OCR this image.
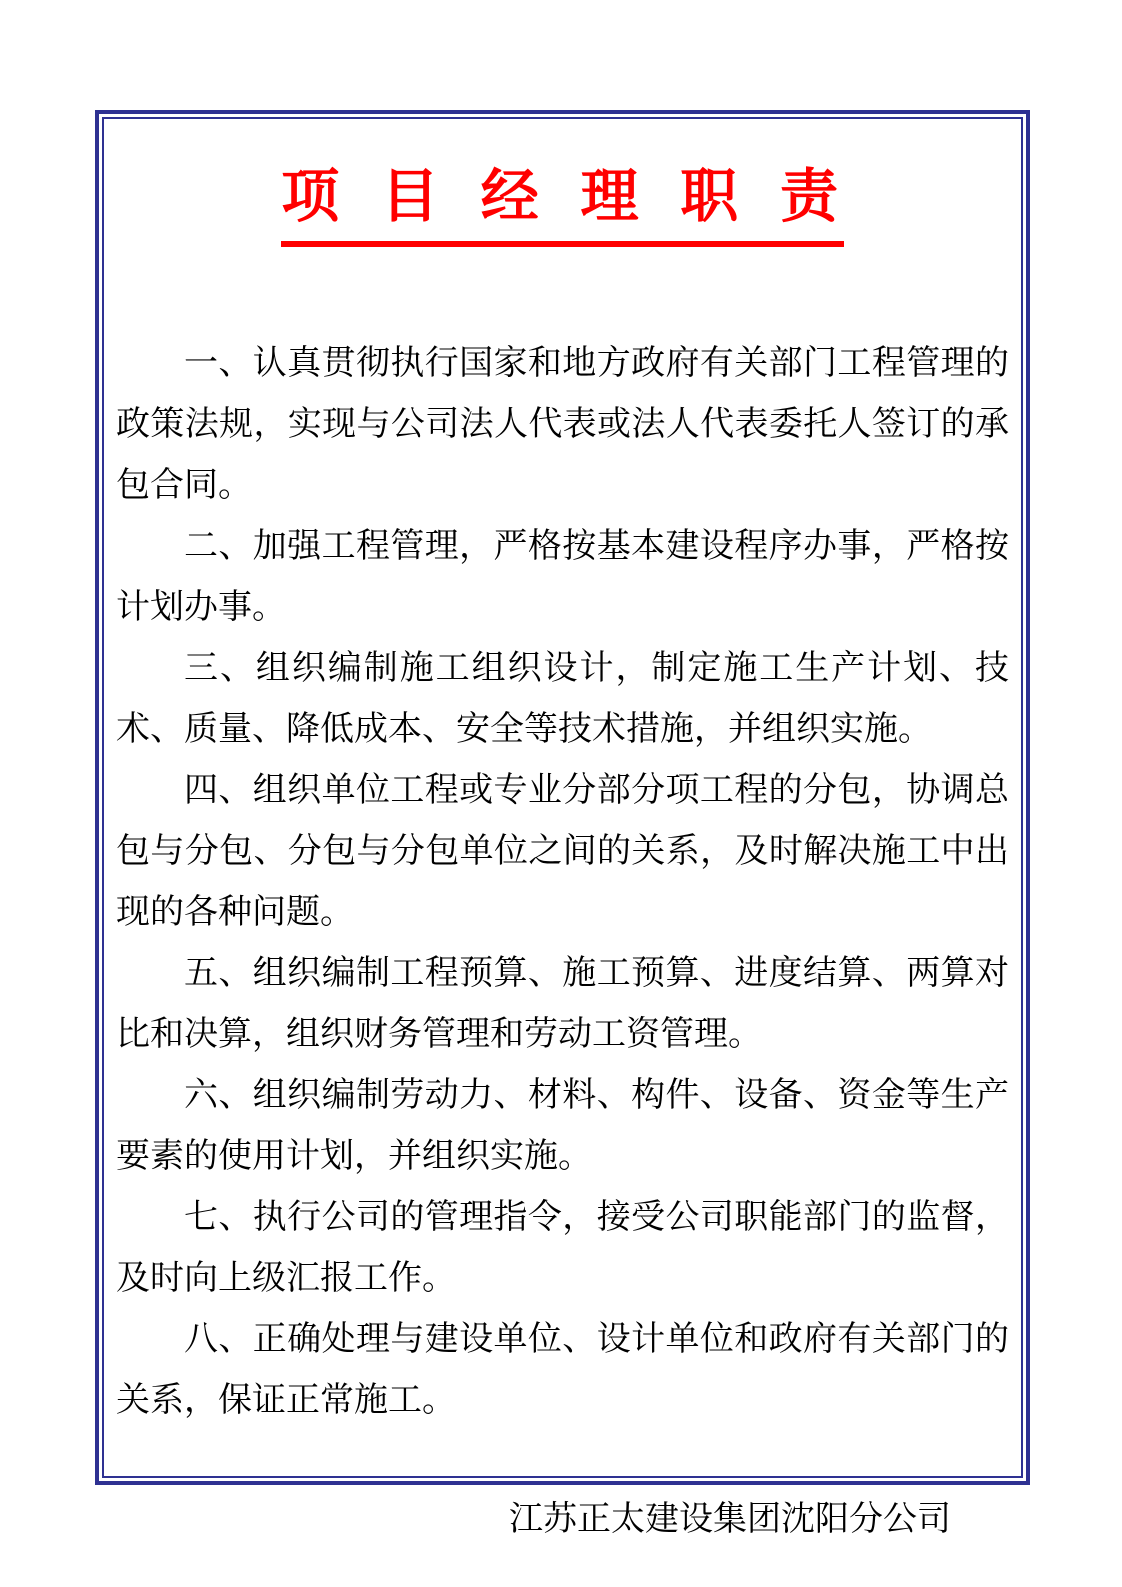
项目经理职责

一、认真贯彻执行国家和地方政府有关部门工程管理的政策法规，实现与公司法人代表或法人代表委托人签订的承包合同。

二、加强工程管理，严格按基本建设程序办事，严格按计划办事。

三、组织编制施工组织设计，制定施工生产计划、技术、质量、降低成本、安全等技术措施，并组织实施。

四、组织单位工程或专业分部分项工程的分包，协调总包与分包、分包与分包单位之间的关系，及时解决施工中出现的各种问题。

五、组织编制工程预算、施工预算、进度结算、两算对比和决算，组织财务管理和劳动工资管理。

六、组织编制劳动力、材料、构件、设备、资金等生产要素的使用计划，并组织实施。

七、执行公司的管理指令，接受公司职能部门的监督，及时向上级汇报工作。

八、正确处理与建设单位、设计单位和政府有关部门的关系，保证正常施工。

江苏正太建设集团沈阳分公司
